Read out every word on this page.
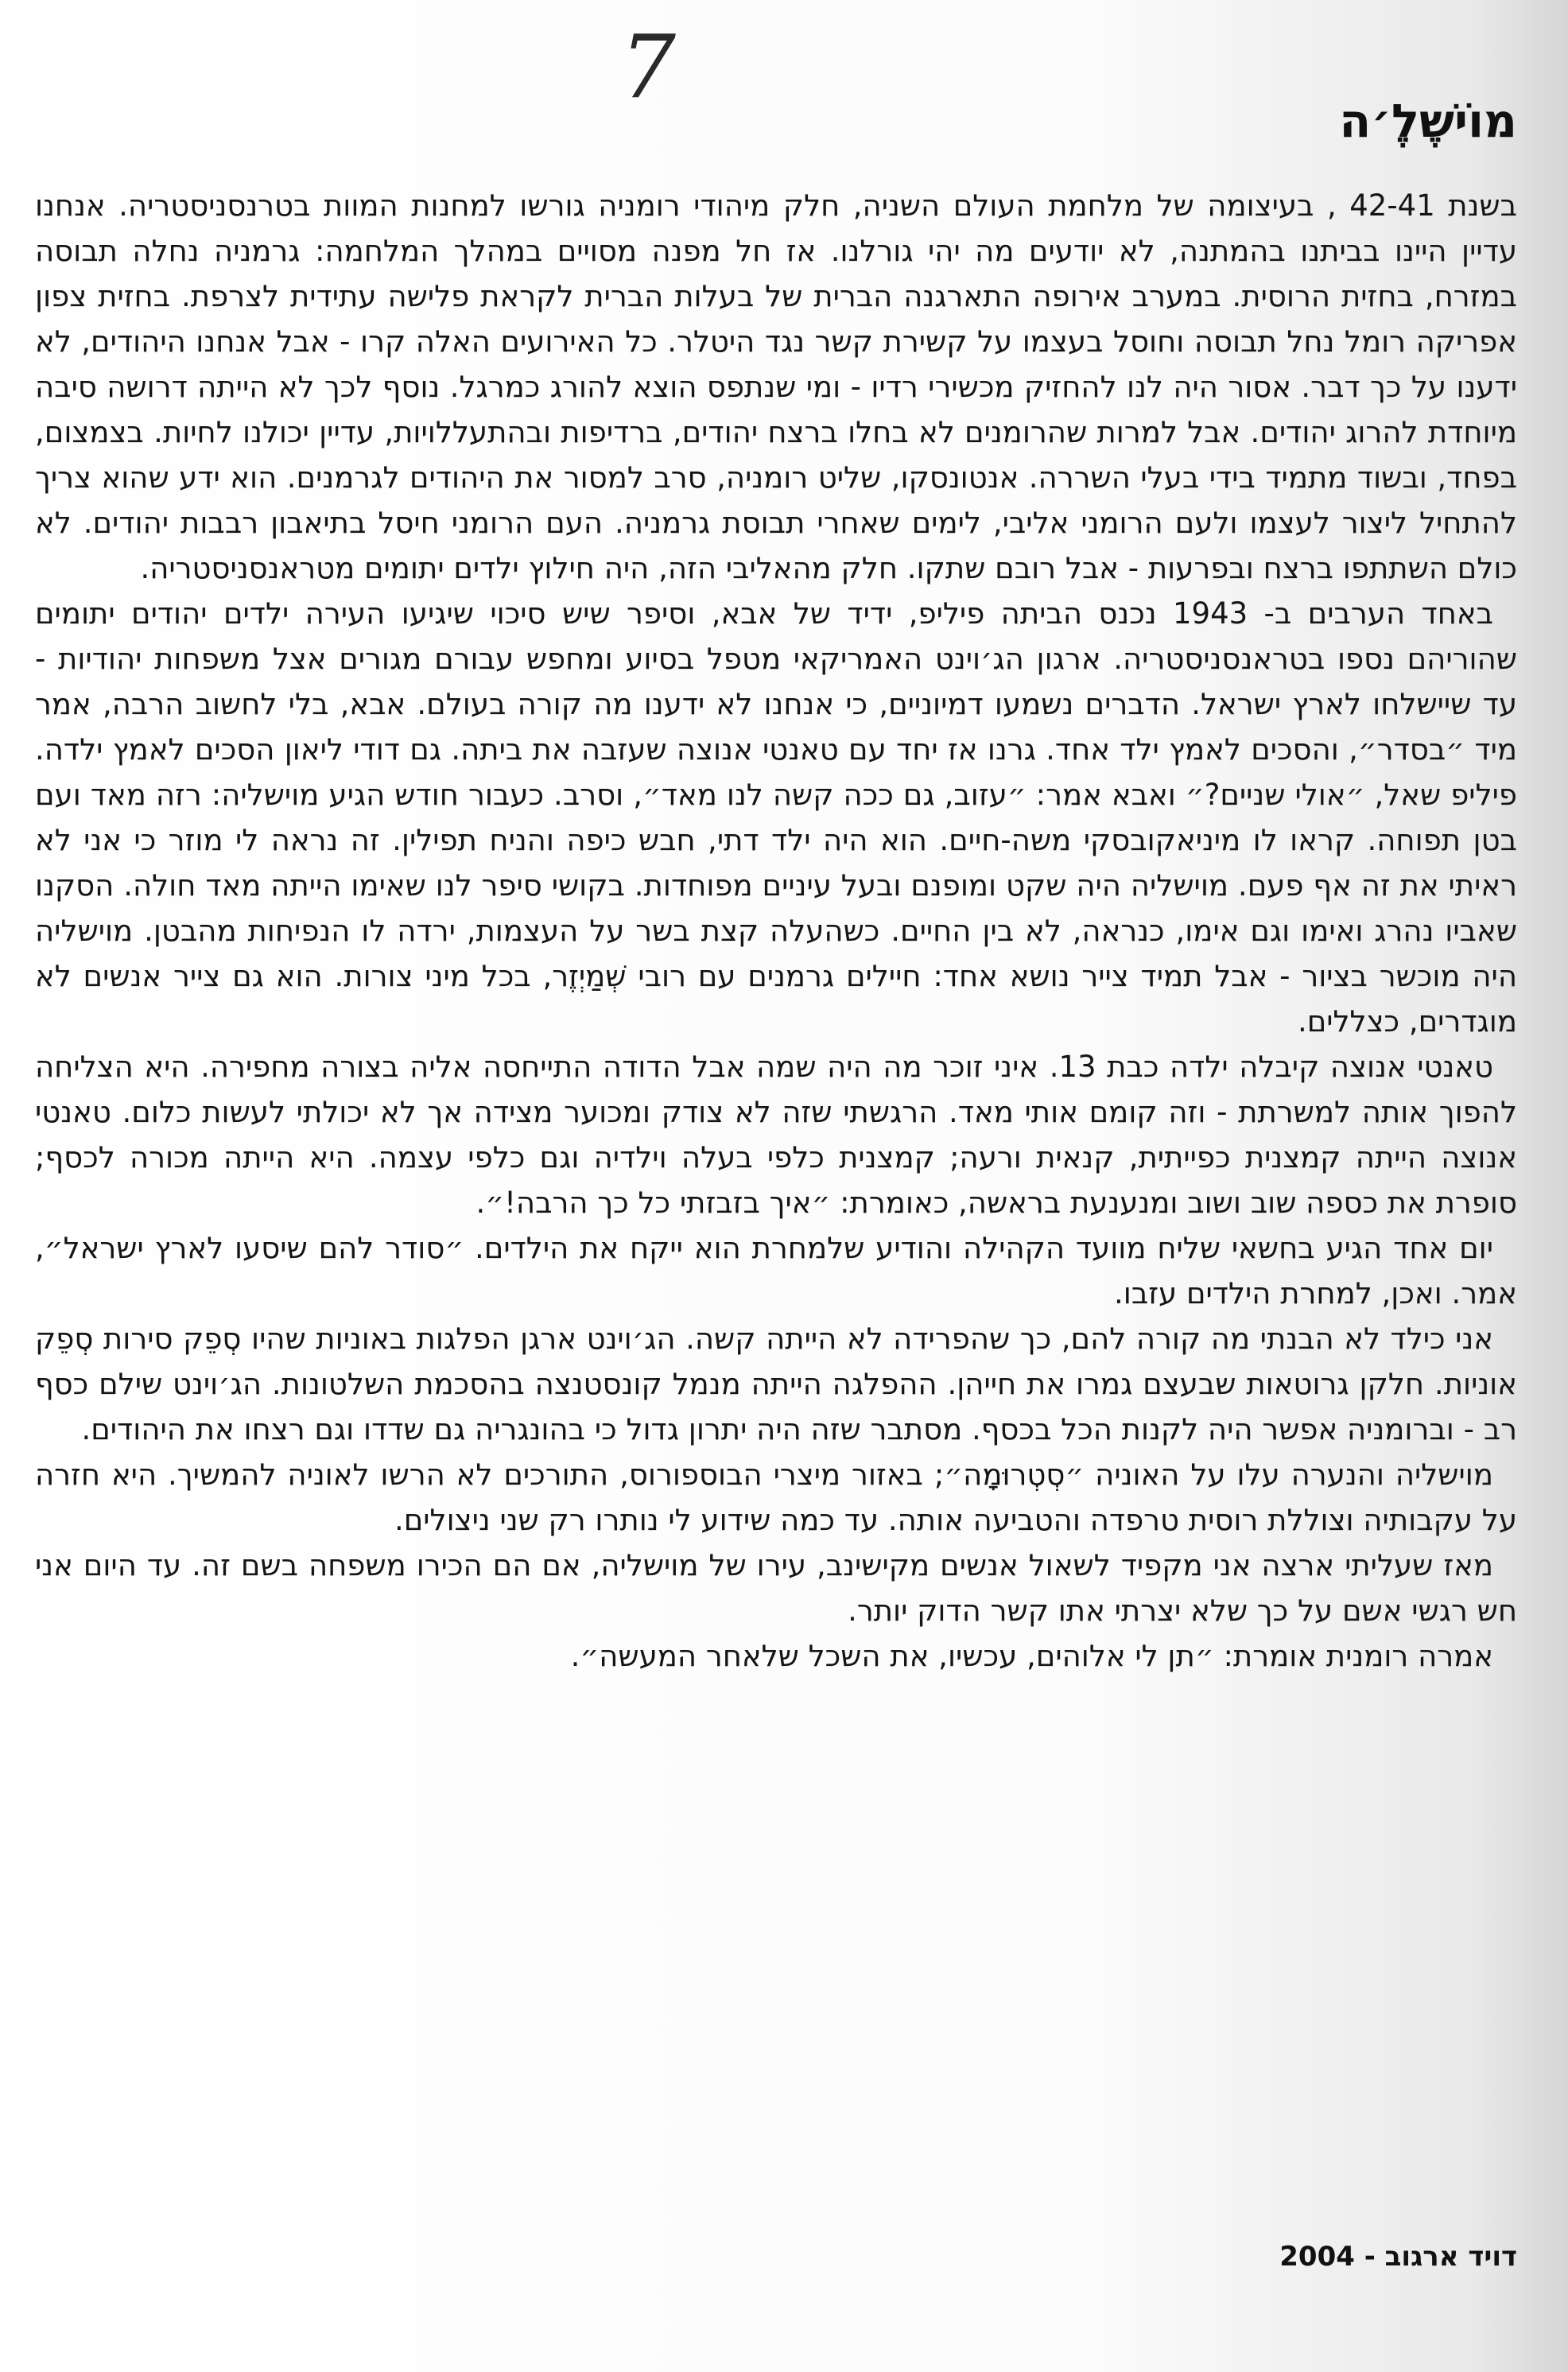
7
מוֹישֶׁלֶ׳ה

בשנת 42-41 , בעיצומה של מלחמת העולם השניה, חלק מיהודי רומניה גורשו למחנות המוות בטרנסניסטריה. אנחנו עדיין היינו בביתנו בהמתנה, לא יודעים מה יהי גורלנו. אז חל מפנה מסויים במהלך המלחמה: גרמניה נחלה תבוסה במזרח, בחזית הרוסית. במערב אירופה התארגנה הברית של בעלות הברית לקראת פלישה עתידית לצרפת. בחזית צפון אפריקה רומל נחל תבוסה וחוסל בעצמו על קשירת קשר נגד היטלר. כל האירועים האלה קרו - אבל אנחנו היהודים, לא ידענו על כך דבר. אסור היה לנו להחזיק מכשירי רדיו - ומי שנתפס הוצא להורג כמרגל. נוסף לכך לא הייתה דרושה סיבה מיוחדת להרוג יהודים. אבל למרות שהרומנים לא בחלו ברצח יהודים, ברדיפות ובהתעללויות, עדיין יכולנו לחיות. בצמצום, בפחד, ובשוד מתמיד בידי בעלי השררה. אנטונסקו, שליט רומניה, סרב למסור את היהודים לגרמנים. הוא ידע שהוא צריך להתחיל ליצור לעצמו ולעם הרומני אליבי, לימים שאחרי תבוסת גרמניה. העם הרומני חיסל בתיאבון רבבות יהודים. לא כולם השתתפו ברצח ובפרעות - אבל רובם שתקו. חלק מהאליבי הזה, היה חילוץ ילדים יתומים מטראנסניסטריה.

באחד הערבים ב- 1943 נכנס הביתה פיליפ, ידיד של אבא, וסיפר שיש סיכוי שיגיעו העירה ילדים יהודים יתומים שהוריהם נספו בטראנסניסטריה. ארגון הג׳וינט האמריקאי מטפל בסיוע ומחפש עבורם מגורים אצל משפחות יהודיות - עד שיישלחו לארץ ישראל. הדברים נשמעו דמיוניים, כי אנחנו לא ידענו מה קורה בעולם. אבא, בלי לחשוב הרבה, אמר מיד ״בסדר״, והסכים לאמץ ילד אחד. גרנו אז יחד עם טאנטי אנוצה שעזבה את ביתה. גם דודי ליאון הסכים לאמץ ילדה. פיליפ שאל, ״אולי שניים?״ ואבא אמר: ״עזוב, גם ככה קשה לנו מאד״, וסרב. כעבור חודש הגיע מוישליה: רזה מאד ועם בטן תפוחה. קראו לו מיניאקובסקי משה-חיים. הוא היה ילד דתי, חבש כיפה והניח תפילין. זה נראה לי מוזר כי אני לא ראיתי את זה אף פעם. מוישליה היה שקט ומופנם ובעל עיניים מפוחדות. בקושי סיפר לנו שאימו הייתה מאד חולה. הסקנו שאביו נהרג ואימו וגם אימו, כנראה, לא בין החיים. כשהעלה קצת בשר על העצמות, ירדה לו הנפיחות מהבטן. מוישליה היה מוכשר בציור - אבל תמיד צייר נושא אחד: חיילים גרמנים עם רובי שְׁמַיְזֶר, בכל מיני צורות. הוא גם צייר אנשים לא מוגדרים, כצללים.

טאנטי אנוצה קיבלה ילדה כבת 13. איני זוכר מה היה שמה אבל הדודה התייחסה אליה בצורה מחפירה. היא הצליחה להפוך אותה למשרתת - וזה קומם אותי מאד. הרגשתי שזה לא צודק ומכוער מצידה אך לא יכולתי לעשות כלום. טאנטי אנוצה הייתה קמצנית כפייתית, קנאית ורעה; קמצנית כלפי בעלה וילדיה וגם כלפי עצמה. היא הייתה מכורה לכסף; סופרת את כספה שוב ושוב ומנענעת בראשה, כאומרת: ״איך בזבזתי כל כך הרבה!״.

יום אחד הגיע בחשאי שליח מוועד הקהילה והודיע שלמחרת הוא ייקח את הילדים. ״סודר להם שיסעו לארץ ישראל״, אמר. ואכן, למחרת הילדים עזבו.

אני כילד לא הבנתי מה קורה להם, כך שהפרידה לא הייתה קשה. הג׳וינט ארגן הפלגות באוניות שהיו סְפֵק סירות סְפֵק אוניות. חלקן גרוטאות שבעצם גמרו את חייהן. ההפלגה הייתה מנמל קונסטנצה בהסכמת השלטונות. הג׳וינט שילם כסף רב - וברומניה אפשר היה לקנות הכל בכסף. מסתבר שזה היה יתרון גדול כי בהונגריה גם שדדו וגם רצחו את היהודים.

מוישליה והנערה עלו על האוניה ״סְטְרוּמָה״; באזור מיצרי הבוספורוס, התורכים לא הרשו לאוניה להמשיך. היא חזרה על עקבותיה וצוללת רוסית טרפדה והטביעה אותה. עד כמה שידוע לי נותרו רק שני ניצולים.

מאז שעליתי ארצה אני מקפיד לשאול אנשים מקישינב, עירו של מוישליה, אם הם הכירו משפחה בשם זה. עד היום אני חש רגשי אשם על כך שלא יצרתי אתו קשר הדוק יותר.

אמרה רומנית אומרת: ״תן לי אלוהים, עכשיו, את השכל שלאחר המעשה״.

דויד ארגוב - 2004
